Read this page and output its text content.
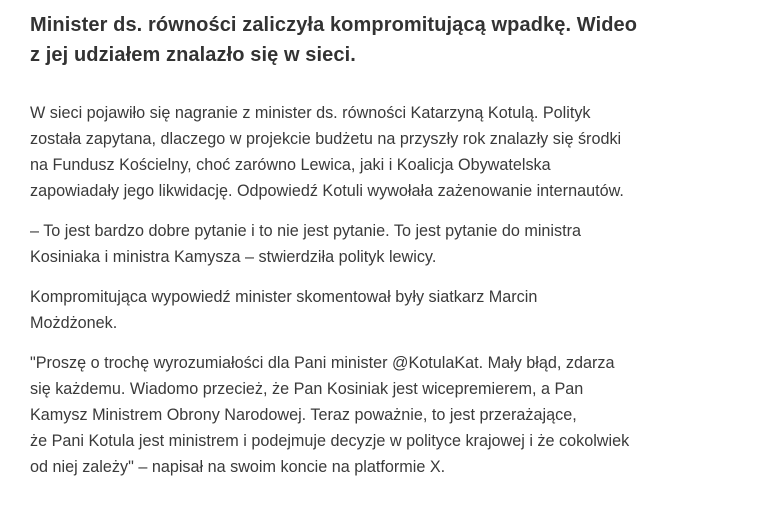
Minister ds. równości zaliczyła kompromitującą wpadkę. Wideo
z jej udziałem znalazło się w sieci.

W sieci pojawiło się nagranie z minister ds. równości Katarzyną Kotulą. Polityk
została zapytana, dlaczego w projekcie budżetu na przyszły rok znalazły się środki
na Fundusz Kościelny, choć zarówno Lewica, jaki i Koalicja Obywatelska
zapowiadały jego likwidację. Odpowiedź Kotuli wywołała zażenowanie internautów.

– To jest bardzo dobre pytanie i to nie jest pytanie. To jest pytanie do ministra
Kosiniaka i ministra Kamysza – stwierdziła polityk lewicy.

Kompromitująca wypowiedź minister skomentował były siatkarz Marcin
Możdżonek.

"Proszę o trochę wyrozumiałości dla Pani minister @KotulaKat. Mały błąd, zdarza
się każdemu. Wiadomo przecież, że Pan Kosiniak jest wicepremierem, a Pan
Kamysz Ministrem Obrony Narodowej. Teraz poważnie, to jest przerażające,
że Pani Kotula jest ministrem i podejmuje decyzje w polityce krajowej i że cokolwiek
od niej zależy" – napisał na swoim koncie na platformie X.
